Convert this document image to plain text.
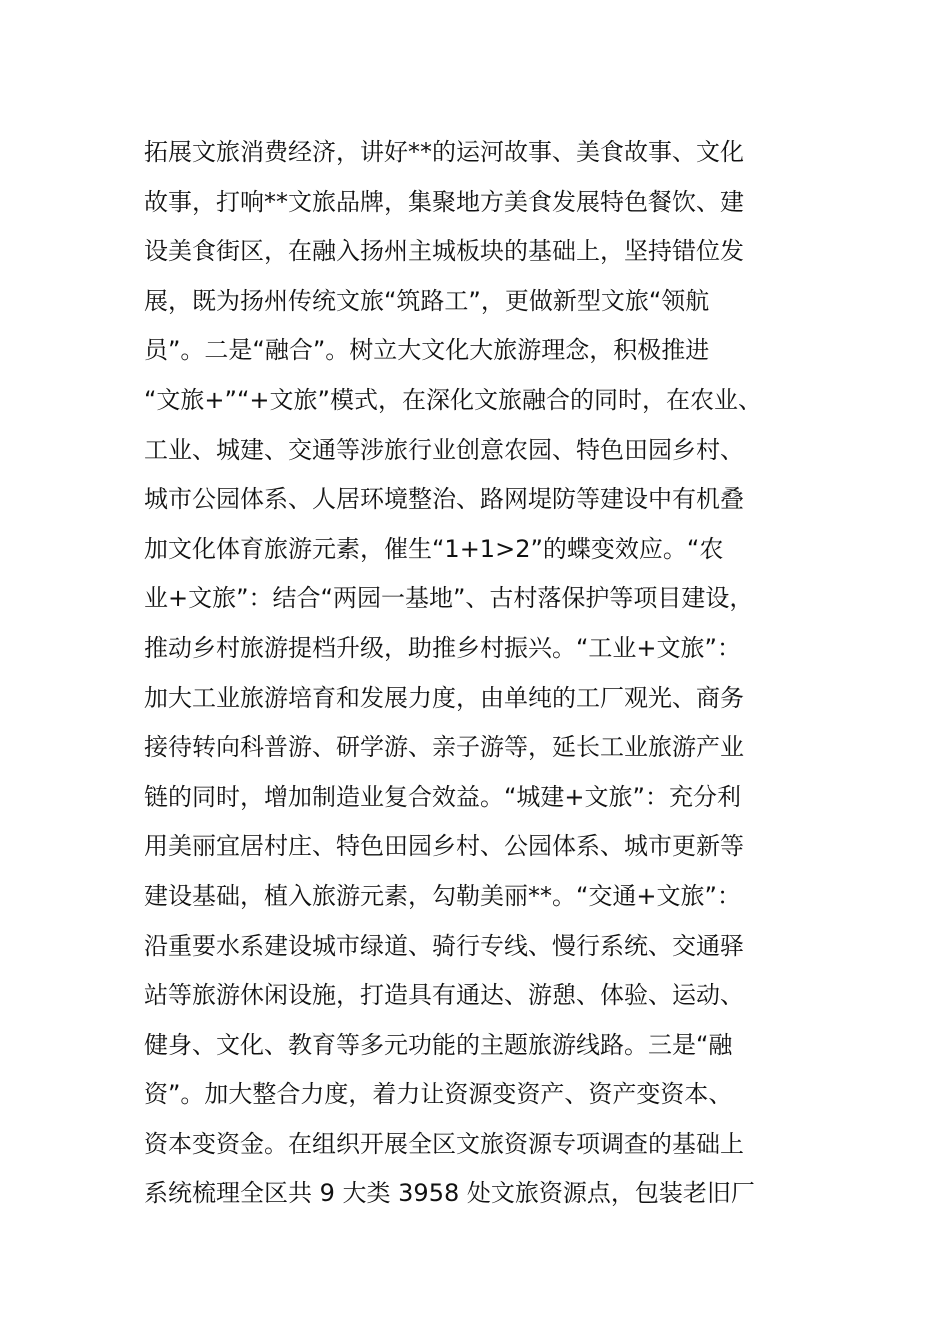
拓展文旅消费经济，讲好**的运河故事、美食故事、文化
故事，打响**文旅品牌，集聚地方美食发展特色餐饮、建
设美食街区，在融入扬州主城板块的基础上，坚持错位发
展，既为扬州传统文旅“筑路工”，更做新型文旅“领航
员”。二是“融合”。树立大文化大旅游理念，积极推进
“文旅+”“+文旅”模式，在深化文旅融合的同时，在农业、
工业、城建、交通等涉旅行业创意农园、特色田园乡村、
城市公园体系、人居环境整治、路网堤防等建设中有机叠
加文化体育旅游元素，催生“1+1>2”的蝶变效应。“农
业+文旅”：结合“两园一基地”、古村落保护等项目建设，
推动乡村旅游提档升级，助推乡村振兴。“工业+文旅”：
加大工业旅游培育和发展力度，由单纯的工厂观光、商务
接待转向科普游、研学游、亲子游等，延长工业旅游产业
链的同时，增加制造业复合效益。“城建+文旅”：充分利
用美丽宜居村庄、特色田园乡村、公园体系、城市更新等
建设基础，植入旅游元素，勾勒美丽**。“交通+文旅”：
沿重要水系建设城市绿道、骑行专线、慢行系统、交通驿
站等旅游休闲设施，打造具有通达、游憩、体验、运动、
健身、文化、教育等多元功能的主题旅游线路。三是“融
资”。加大整合力度，着力让资源变资产、资产变资本、
资本变资金。在组织开展全区文旅资源专项调查的基础上
系统梳理全区共 9 大类 3958 处文旅资源点，包装老旧厂
